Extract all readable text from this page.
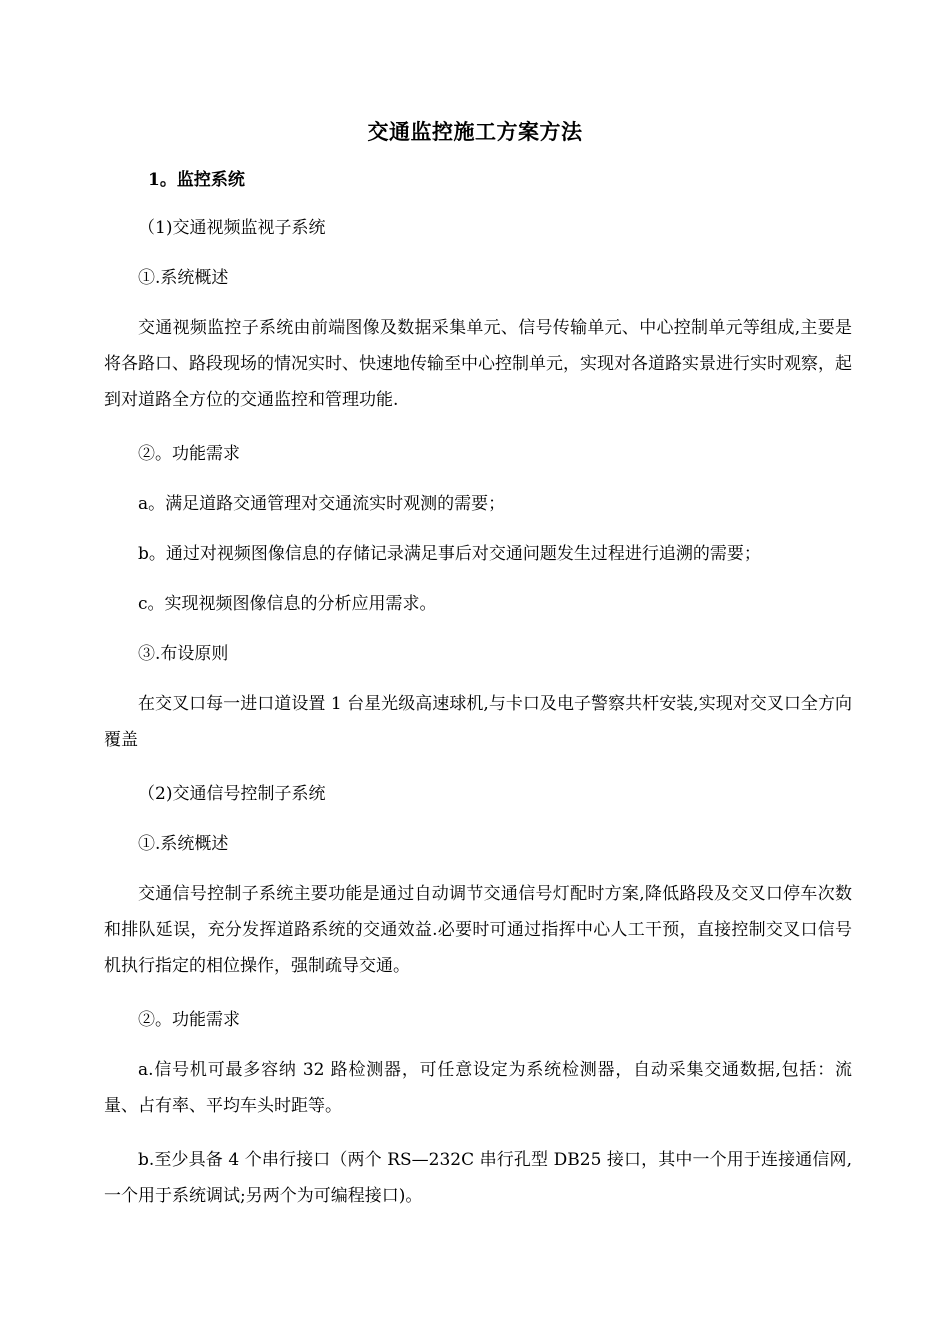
交通监控施工方案方法

1。监控系统

（1)交通视频监视子系统

①.系统概述

交通视频监控子系统由前端图像及数据采集单元、信号传输单元、中心控制单元等组成,主要是将各路口、路段现场的情况实时、快速地传输至中心控制单元，实现对各道路实景进行实时观察，起到对道路全方位的交通监控和管理功能.

②。功能需求

a。满足道路交通管理对交通流实时观测的需要；

b。通过对视频图像信息的存储记录满足事后对交通问题发生过程进行追溯的需要；

c。实现视频图像信息的分析应用需求。

③.布设原则

在交叉口每一进口道设置 1 台星光级高速球机,与卡口及电子警察共杆安装,实现对交叉口全方向覆盖

（2)交通信号控制子系统

①.系统概述

交通信号控制子系统主要功能是通过自动调节交通信号灯配时方案,降低路段及交叉口停车次数和排队延误，充分发挥道路系统的交通效益.必要时可通过指挥中心人工干预，直接控制交叉口信号机执行指定的相位操作，强制疏导交通。

②。功能需求

a.信号机可最多容纳 32 路检测器，可任意设定为系统检测器，自动采集交通数据,包括：流量、占有率、平均车头时距等。

b.至少具备 4 个串行接口（两个 RS—232C 串行孔型 DB25 接口，其中一个用于连接通信网,一个用于系统调试;另两个为可编程接口)。
